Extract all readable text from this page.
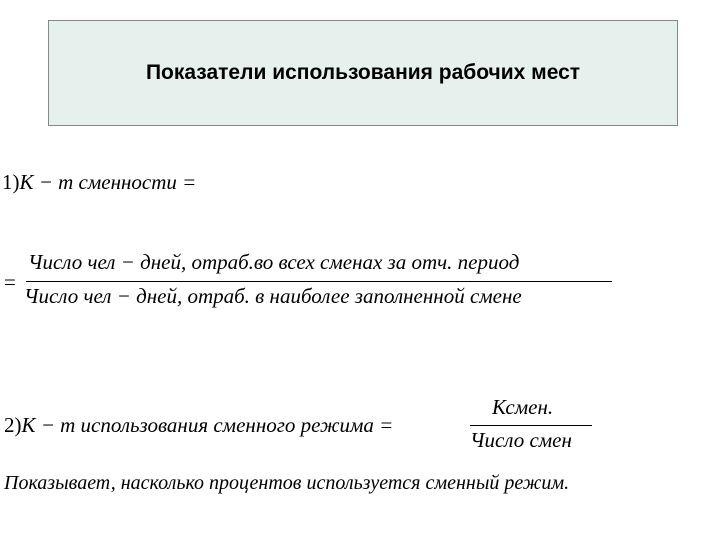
Показатели использования рабочих мест
1)К − т сменности =
=
Число чел − дней, отраб.во всех сменах за отч. период
Число чел − дней, отраб. в наиболее заполненной смене
2)К − т использования сменного режима =
Ксмен.
Число смен
Показывает, насколько процентов используется сменный режим.
